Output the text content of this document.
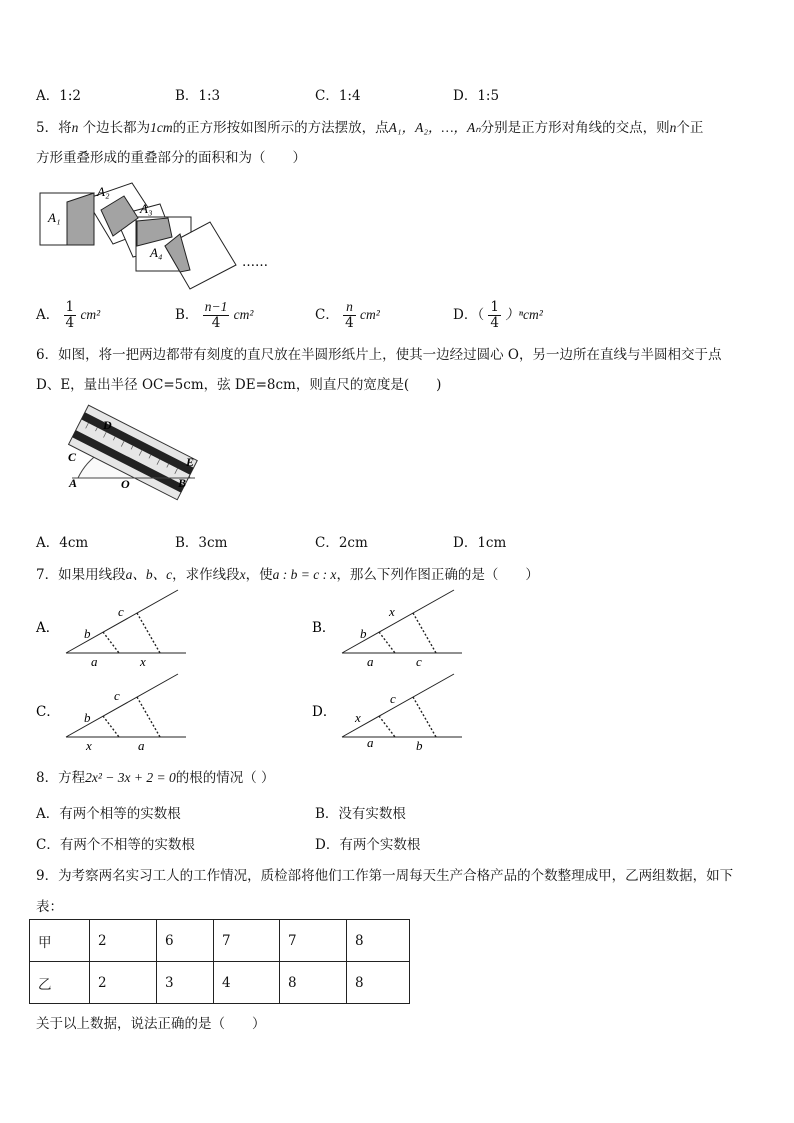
A．1:2	B．1:3	C．1:4	D．1:5
5．将n 个边长都为1cm的正方形按如图所示的方法摆放，点A₁，A₂，…，Aₙ分别是正方形对角线的交点，则n个正
方形重叠形成的重叠部分的面积和为（　　）
A₁
A₂
A₃
A₄
……
A． $\frac{1}{4} cm^2$	B． $\frac{n-1}{4} cm^2$	C． $\frac{n}{4} cm^2$	D．（ $\frac{1}{4} )^ncm^2$
6．如图，将一把两边都带有刻度的直尺放在半圆形纸片上，使其一边经过圆心 O，另一边所在直线与半圆相交于点
D、E，量出半径 OC=5cm，弦 DE=8cm，则直尺的宽度是(　　)
D
C
A	O
E
B
A．4cm	B．3cm	C．2cm	D．1cm
7．如果用线段a、b、c，求作线段x，使a : b = c : x，那么下列作图正确的是（　　）
A． b
c
a	x
B． b
x
a	c
C． b
c
x	a
D． x
c
a	b
8．方程2x² − 3x + 2 = 0的根的情况（ ）
A．有两个相等的实数根	B．没有实数根
C．有两个不相等的实数根	D．有两个实数根
9．为考察两名实习工人的工作情况，质检部将他们工作第一周每天生产合格产品的个数整理成甲，乙两组数据，如下
表：
甲	2	6	7	7	8
乙	2	3	4	8	8
关于以上数据，说法正确的是（　　）
